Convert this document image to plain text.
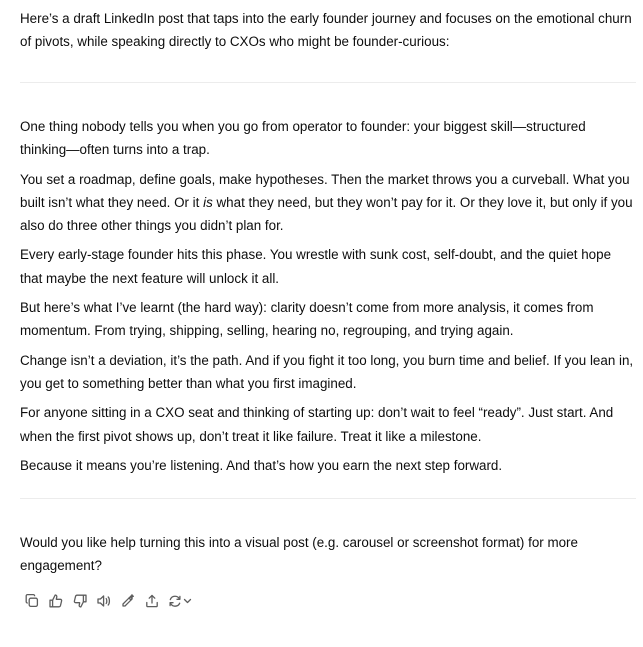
Here’s a draft LinkedIn post that taps into the early founder journey and focuses on the emotional churn of pivots, while speaking directly to CXOs who might be founder-curious:

One thing nobody tells you when you go from operator to founder: your biggest skill—structured thinking—often turns into a trap.

You set a roadmap, define goals, make hypotheses. Then the market throws you a curveball. What you built isn’t what they need. Or it is what they need, but they won’t pay for it. Or they love it, but only if you also do three other things you didn’t plan for.

Every early-stage founder hits this phase. You wrestle with sunk cost, self-doubt, and the quiet hope that maybe the next feature will unlock it all.

But here’s what I’ve learnt (the hard way): clarity doesn’t come from more analysis, it comes from momentum. From trying, shipping, selling, hearing no, regrouping, and trying again.

Change isn’t a deviation, it’s the path. And if you fight it too long, you burn time and belief. If you lean in, you get to something better than what you first imagined.

For anyone sitting in a CXO seat and thinking of starting up: don’t wait to feel “ready”. Just start. And when the first pivot shows up, don’t treat it like failure. Treat it like a milestone.

Because it means you’re listening. And that’s how you earn the next step forward.

Would you like help turning this into a visual post (e.g. carousel or screenshot format) for more engagement?
